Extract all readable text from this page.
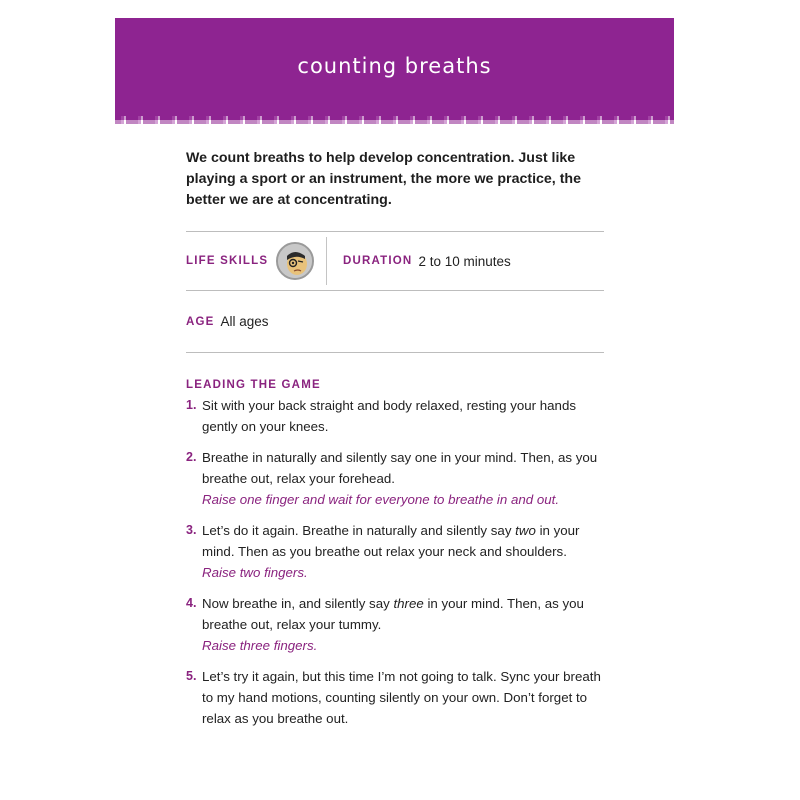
counting breaths

We count breaths to help develop concentration. Just like playing a sport or an instrument, the more we practice, the better we are at concentrating.

LIFE SKILLS	DURATION 2 to 10 minutes
AGE All ages
LEADING THE GAME
1. Sit with your back straight and body relaxed, resting your hands gently on your knees.
2. Breathe in naturally and silently say one in your mind. Then, as you breathe out, relax your forehead.
Raise one finger and wait for everyone to breathe in and out.
3. Let’s do it again. Breathe in naturally and silently say two in your mind. Then as you breathe out relax your neck and shoulders.
Raise two fingers.
4. Now breathe in, and silently say three in your mind. Then, as you breathe out, relax your tummy.
Raise three fingers.
5. Let’s try it again, but this time I’m not going to talk. Sync your breath to my hand motions, counting silently on your own. Don’t forget to relax as you breathe out.
